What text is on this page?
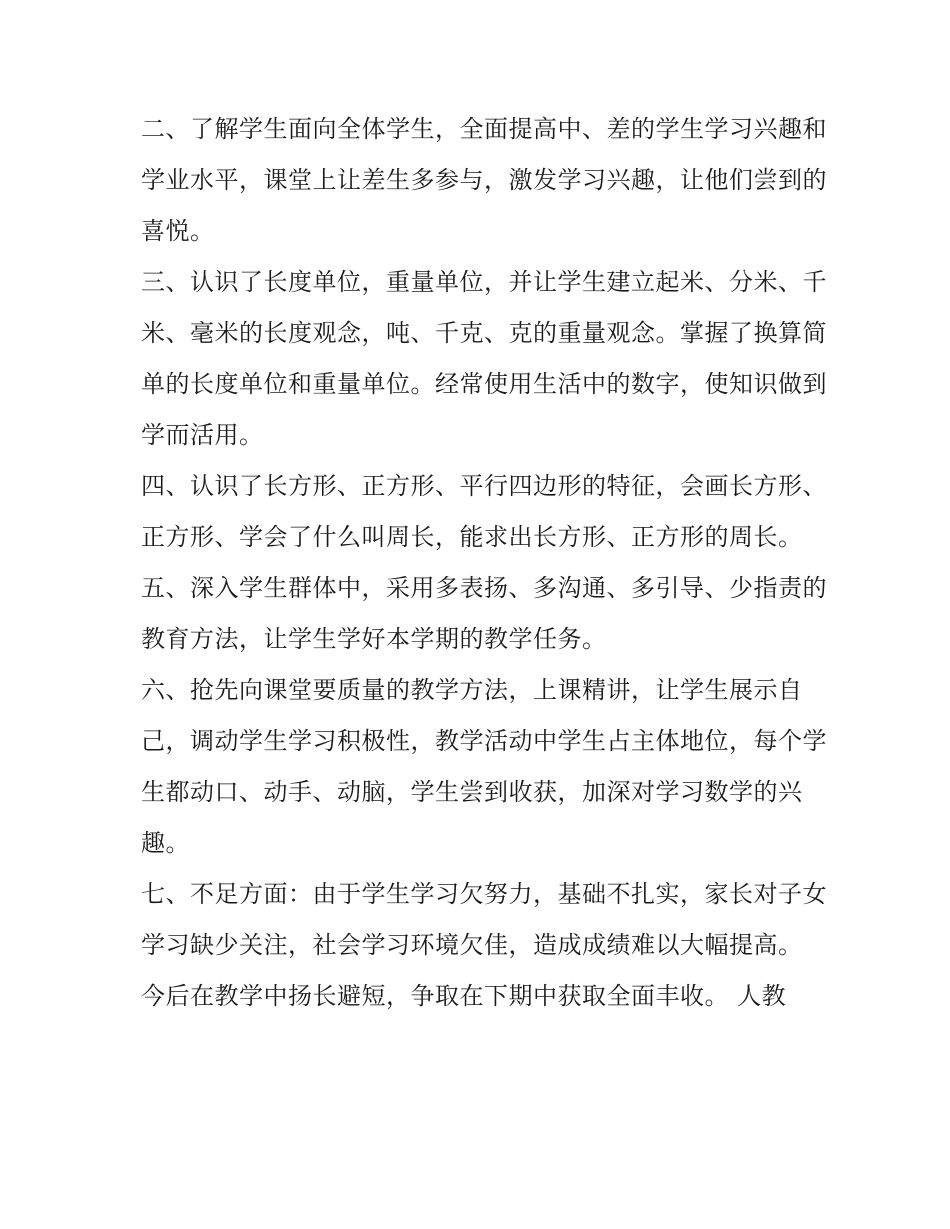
二、了解学生面向全体学生，全面提高中、差的学生学习兴趣和学业水平，课堂上让差生多参与，激发学习兴趣，让他们尝到的喜悦。

三、认识了长度单位，重量单位，并让学生建立起米、分米、千米、毫米的长度观念，吨、千克、克的重量观念。掌握了换算简单的长度单位和重量单位。经常使用生活中的数字，使知识做到学而活用。

四、认识了长方形、正方形、平行四边形的特征，会画长方形、正方形、学会了什么叫周长，能求出长方形、正方形的周长。

五、深入学生群体中，采用多表扬、多沟通、多引导、少指责的教育方法，让学生学好本学期的教学任务。

六、抢先向课堂要质量的教学方法，上课精讲，让学生展示自己，调动学生学习积极性，教学活动中学生占主体地位，每个学生都动口、动手、动脑，学生尝到收获，加深对学习数学的兴趣。

七、不足方面：由于学生学习欠努力，基础不扎实，家长对子女学习缺少关注，社会学习环境欠佳，造成成绩难以大幅提高。

今后在教学中扬长避短，争取在下期中获取全面丰收。 人教
